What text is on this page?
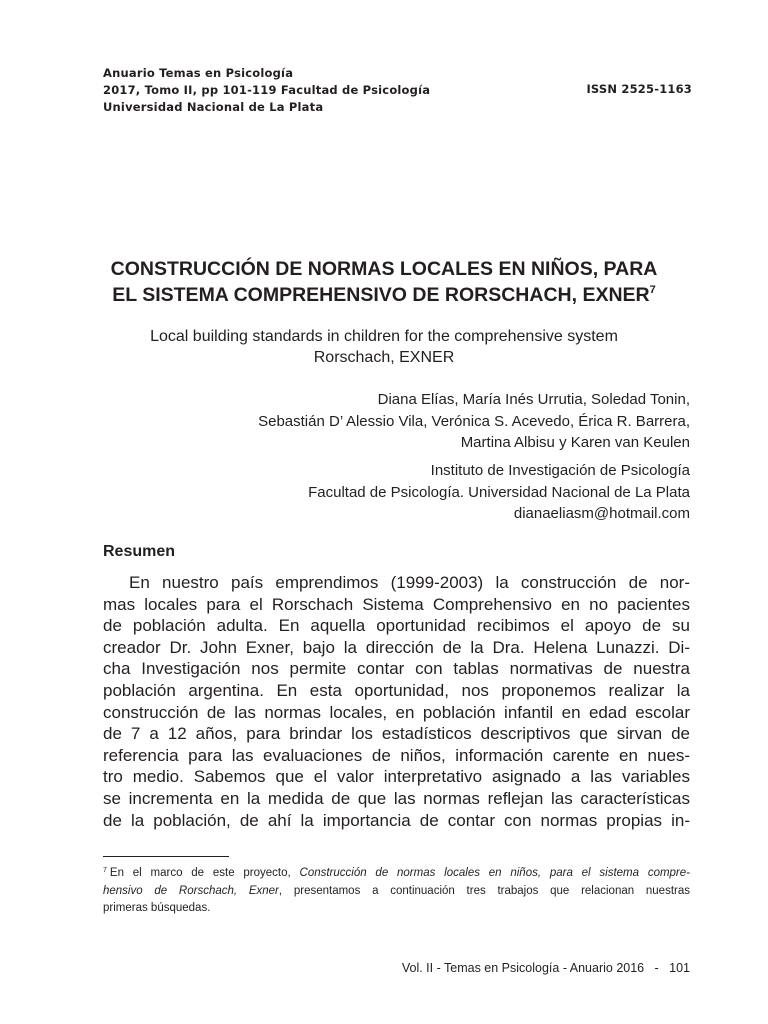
Anuario Temas en Psicología
2017, Tomo II, pp 101-119 Facultad de Psicología
Universidad Nacional de La Plata
ISSN 2525-1163
CONSTRUCCIÓN DE NORMAS LOCALES EN NIÑOS, PARA
EL SISTEMA COMPREHENSIVO DE RORSCHACH, EXNER$^7$
Local building standards in children for the comprehensive system
Rorschach, EXNER
Diana Elías, María Inés Urrutia, Soledad Tonin,
Sebastián D’ Alessio Vila, Verónica S. Acevedo, Érica R. Barrera,
Martina Albisu y Karen van Keulen
Instituto de Investigación de Psicología
Facultad de Psicología. Universidad Nacional de La Plata
dianaeliasm@hotmail.com
Resumen
En nuestro país emprendimos (1999-2003) la construcción de nor-
mas locales para el Rorschach Sistema Comprehensivo en no pacientes
de población adulta. En aquella oportunidad recibimos el apoyo de su
creador Dr. John Exner, bajo la dirección de la Dra. Helena Lunazzi. Di-
cha Investigación nos permite contar con tablas normativas de nuestra
población argentina. En esta oportunidad, nos proponemos realizar la
construcción de las normas locales, en población infantil en edad escolar
de 7 a 12 años, para brindar los estadísticos descriptivos que sirvan de
referencia para las evaluaciones de niños, información carente en nues-
tro medio. Sabemos que el valor interpretativo asignado a las variables
se incrementa en la medida de que las normas reflejan las características
de la población, de ahí la importancia de contar con normas propias in-
$^7$ En el marco de este proyecto, Construcción de normas locales en niños, para el sistema compre-
hensivo de Rorschach, Exner, presentamos a continuación tres trabajos que relacionan nuestras
primeras búsquedas.
Vol. II - Temas en Psicología - Anuario 2016   -   101
